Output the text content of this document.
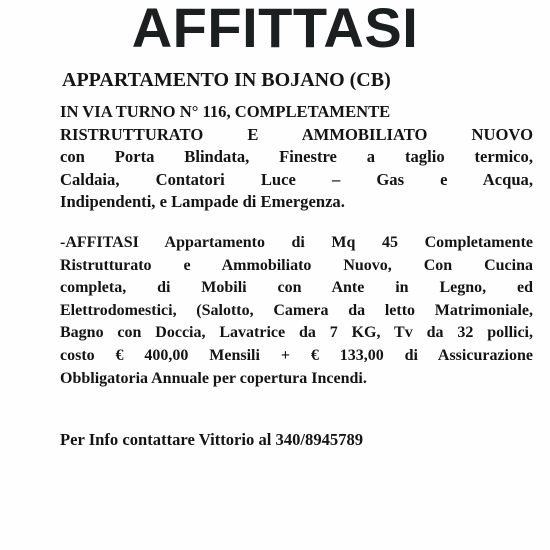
AFFITTASI
APPARTAMENTO IN BOJANO (CB)
IN VIA TURNO N° 116, COMPLETAMENTE
RISTRUTTURATO E AMMOBILIATO NUOVO
con Porta Blindata, Finestre a taglio termico,
Caldaia, Contatori Luce – Gas e Acqua,
Indipendenti, e Lampade di Emergenza.
-AFFITASI Appartamento di Mq 45 Completamente
Ristrutturato e Ammobiliato Nuovo, Con Cucina
completa, di Mobili con Ante in Legno, ed
Elettrodomestici, (Salotto, Camera da letto Matrimoniale,
Bagno con Doccia, Lavatrice da 7 KG, Tv da 32 pollici,
costo € 400,00 Mensili + € 133,00 di Assicurazione
Obbligatoria Annuale per copertura Incendi.
Per Info contattare Vittorio al 340/8945789
